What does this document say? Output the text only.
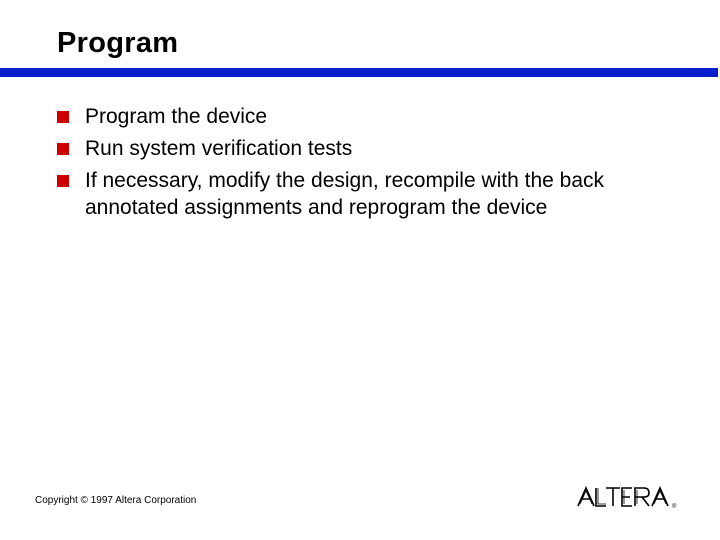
Program
Program the device
Run system verification tests
If necessary, modify the design, recompile with the back annotated assignments and reprogram the device
Copyright © 1997 Altera Corporation
®
